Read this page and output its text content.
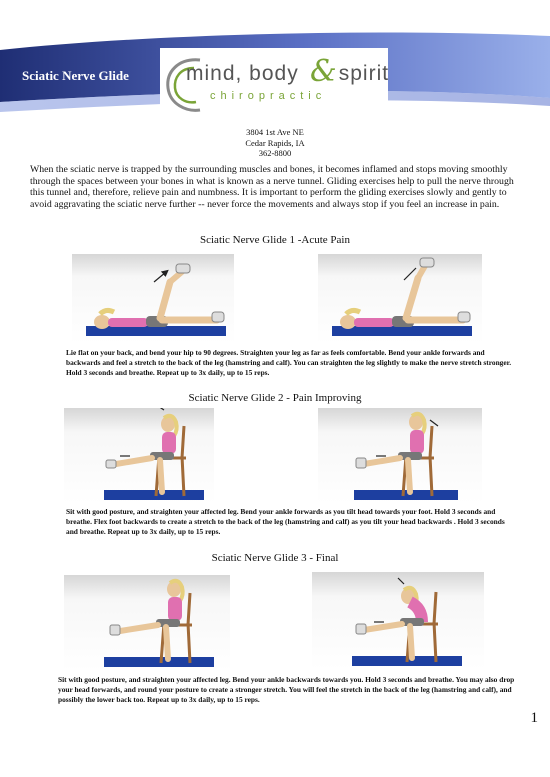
Sciatic Nerve Glide	mind, body spirit
&
chiropractic
3804 1st Ave NE
Cedar Rapids, IA
362-8800
When the sciatic nerve is trapped by the surrounding muscles and bones, it becomes inflamed and stops moving smoothly through the spaces between your bones in what is known as a nerve tunnel. Gliding exercises help to pull the nerve through this tunnel and, therefore, relieve pain and numbness. It is important to perform the gliding exercises slowly and gently to avoid aggravating the sciatic nerve further -- never force the movements and always stop if you feel an increase in pain.
Sciatic Nerve Glide 1 -Acute Pain
Lie flat on your back, and bend your hip to 90 degrees. Straighten your leg as far as feels comfortable. Bend your ankle forwards and backwards and feel a stretch to the back of the leg (hamstring and calf). You can straighten the leg slightly to make the nerve stretch stronger. Hold 3 seconds and breathe. Repeat up to 3x daily, up to 15 reps.
Sciatic Nerve Glide 2 - Pain Improving
Sit with good posture, and straighten your affected leg. Bend your ankle forwards as you tilt head towards your foot. Hold 3 seconds and breathe. Flex foot backwards to create a stretch to the back of the leg (hamstring and calf) as you tilt your head backwards . Hold 3 seconds and breathe. Repeat up to 3x daily, up to 15 reps.
Sciatic Nerve Glide 3 - Final
Sit with good posture, and straighten your affected leg. Bend your ankle backwards towards you. Hold 3 seconds and breathe. You may also drop your head forwards, and round your posture to create a stronger stretch. You will feel the stretch in the back of the leg (hamstring and calf), and possibly the lower back too. Repeat up to 3x daily, up to 15 reps.
1
